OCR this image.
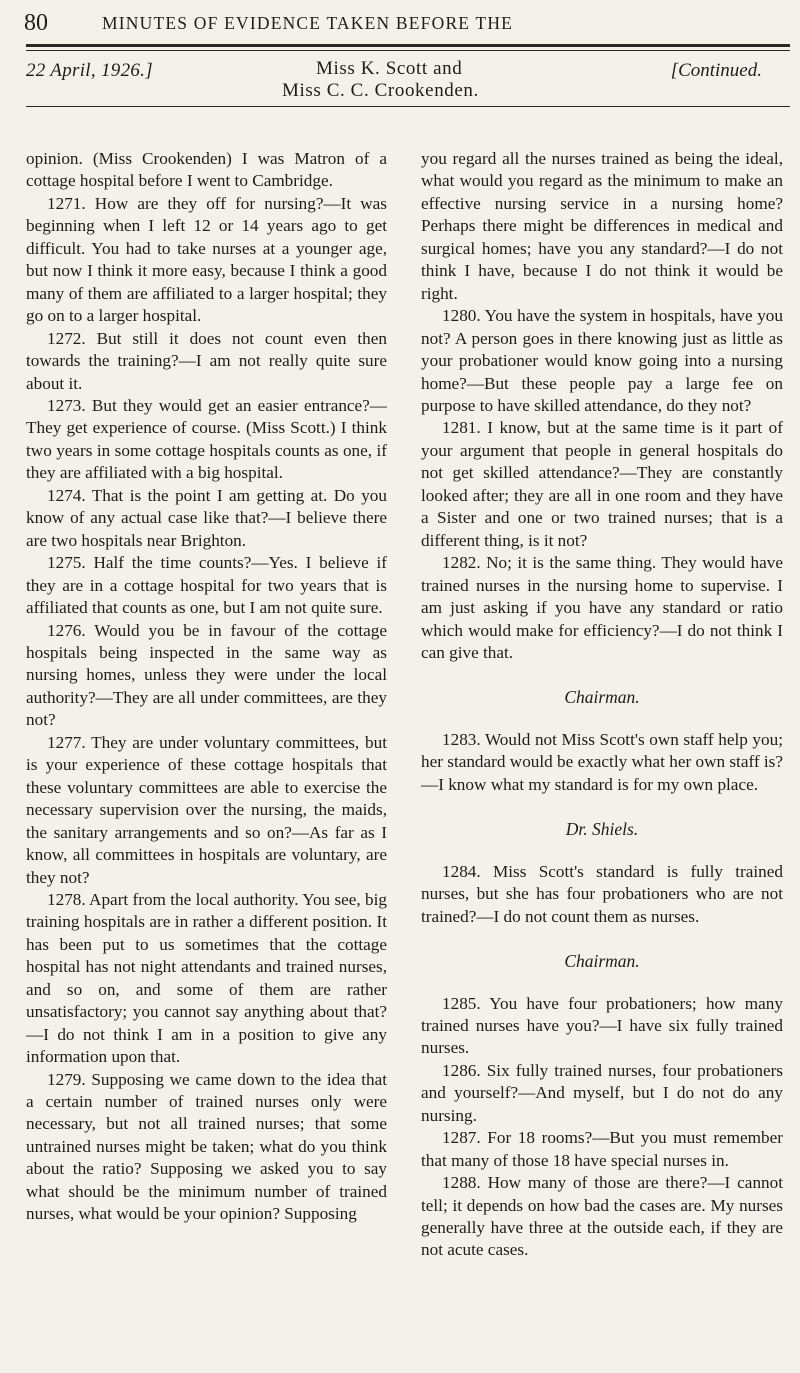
80	MINUTES OF EVIDENCE TAKEN BEFORE THE
22 April, 1926.]	Miss K. Scott and
Miss C. C. Crookenden.
[Continued.

opinion. (Miss Crookenden) I was Matron of a cottage hospital before I went to Cambridge.

1271. How are they off for nursing?—It was beginning when I left 12 or 14 years ago to get difficult. You had to take nurses at a younger age, but now I think it more easy, because I think a good many of them are affiliated to a larger hospital; they go on to a larger hospital.

1272. But still it does not count even then towards the training?—I am not really quite sure about it.

1273. But they would get an easier entrance?—They get experience of course. (Miss Scott.) I think two years in some cottage hospitals counts as one, if they are affiliated with a big hospital.

1274. That is the point I am getting at. Do you know of any actual case like that?—I believe there are two hospitals near Brighton.

1275. Half the time counts?—Yes. I believe if they are in a cottage hospital for two years that is affiliated that counts as one, but I am not quite sure.

1276. Would you be in favour of the cottage hospitals being inspected in the same way as nursing homes, unless they were under the local authority?—They are all under committees, are they not?

1277. They are under voluntary committees, but is your experience of these cottage hospitals that these voluntary committees are able to exercise the necessary supervision over the nursing, the maids, the sanitary arrangements and so on?—As far as I know, all committees in hospitals are voluntary, are they not?

1278. Apart from the local authority. You see, big training hospitals are in rather a different position. It has been put to us sometimes that the cottage hospital has not night attendants and trained nurses, and so on, and some of them are rather unsatisfactory; you cannot say anything about that?—I do not think I am in a position to give any information upon that.

1279. Supposing we came down to the idea that a certain number of trained nurses only were necessary, but not all trained nurses; that some untrained nurses might be taken; what do you think about the ratio? Supposing we asked you to say what should be the minimum number of trained nurses, what would be your opinion? Supposing

you regard all the nurses trained as being the ideal, what would you regard as the minimum to make an effective nursing service in a nursing home? Perhaps there might be differences in medical and surgical homes; have you any standard?—I do not think I have, because I do not think it would be right.

1280. You have the system in hospitals, have you not? A person goes in there knowing just as little as your probationer would know going into a nursing home?—But these people pay a large fee on purpose to have skilled attendance, do they not?

1281. I know, but at the same time is it part of your argument that people in general hospitals do not get skilled attendance?—They are constantly looked after; they are all in one room and they have a Sister and one or two trained nurses; that is a different thing, is it not?

1282. No; it is the same thing. They would have trained nurses in the nursing home to supervise. I am just asking if you have any standard or ratio which would make for efficiency?—I do not think I can give that.

Chairman.

1283. Would not Miss Scott's own staff help you; her standard would be exactly what her own staff is?—I know what my standard is for my own place.

Dr. Shiels.

1284. Miss Scott's standard is fully trained nurses, but she has four probationers who are not trained?—I do not count them as nurses.

Chairman.

1285. You have four probationers; how many trained nurses have you?—I have six fully trained nurses.

1286. Six fully trained nurses, four probationers and yourself?—And myself, but I do not do any nursing.

1287. For 18 rooms?—But you must remember that many of those 18 have special nurses in.

1288. How many of those are there?—I cannot tell; it depends on how bad the cases are. My nurses generally have three at the outside each, if they are not acute cases.
